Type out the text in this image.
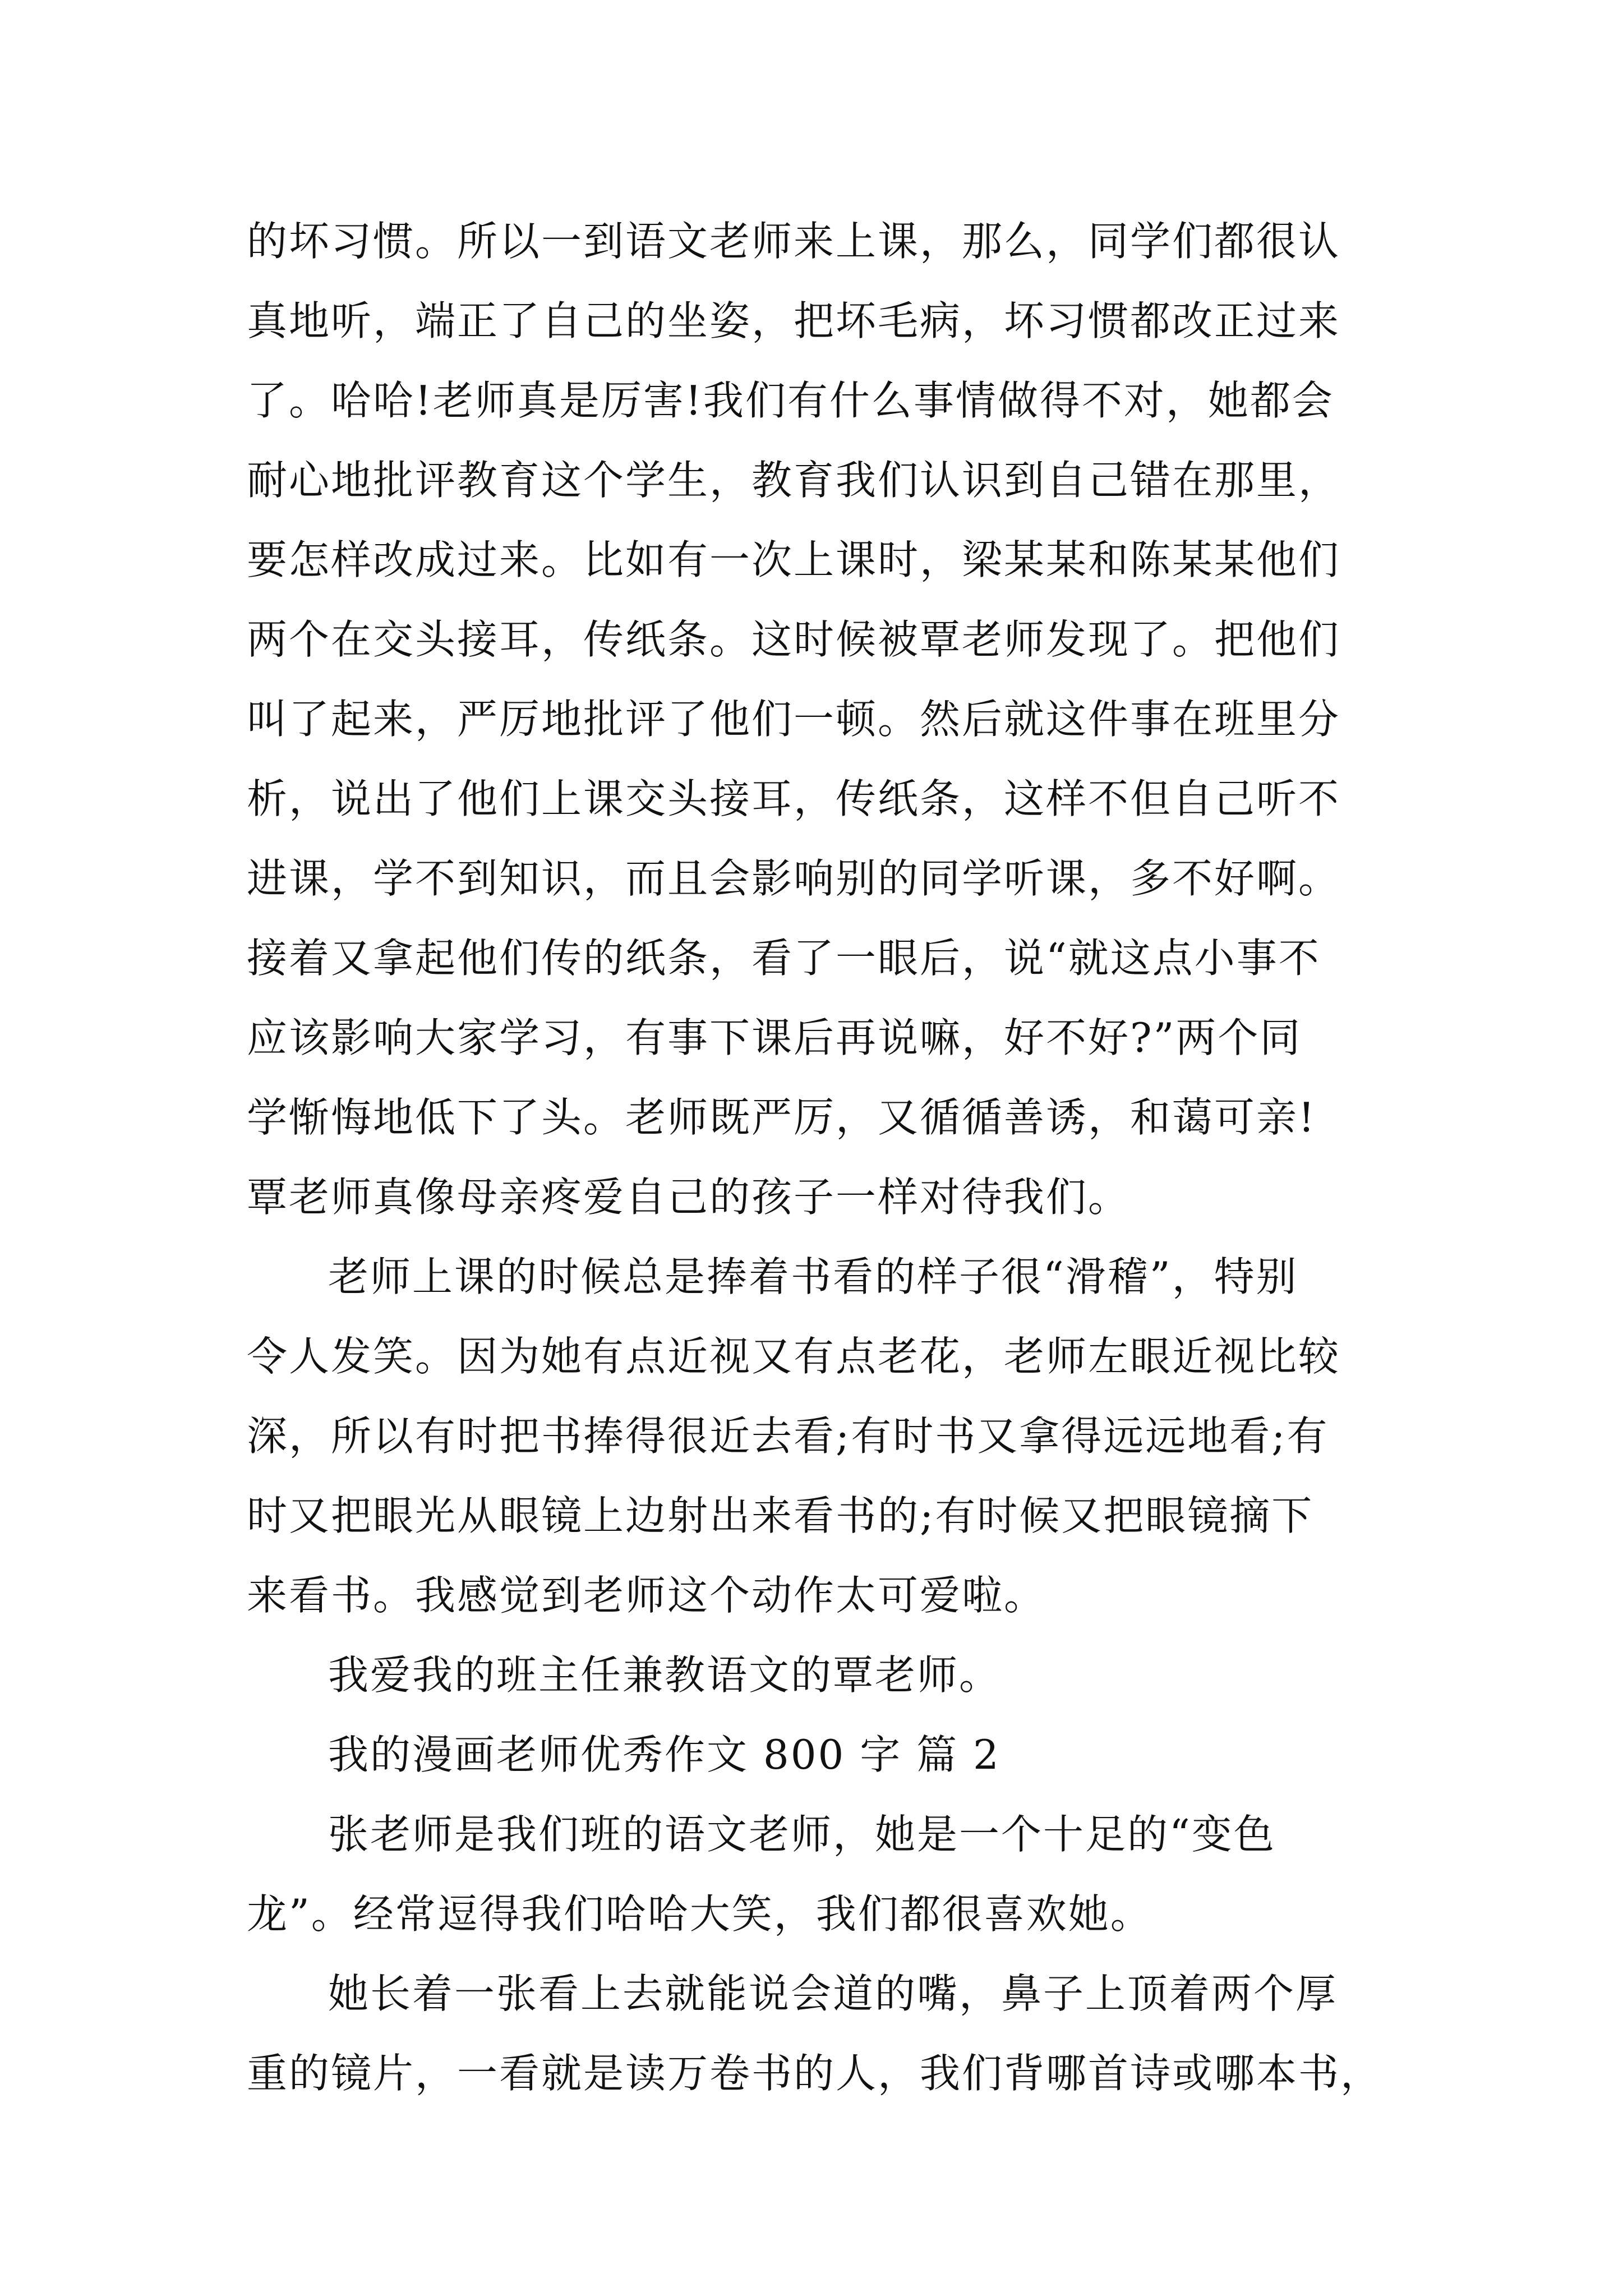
的坏习惯。所以一到语文老师来上课，那么，同学们都很认
真地听，端正了自己的坐姿，把坏毛病，坏习惯都改正过来
了。哈哈!老师真是厉害!我们有什么事情做得不对，她都会
耐心地批评教育这个学生，教育我们认识到自己错在那里，
要怎样改成过来。比如有一次上课时，梁某某和陈某某他们
两个在交头接耳，传纸条。这时候被覃老师发现了。把他们
叫了起来，严厉地批评了他们一顿。然后就这件事在班里分
析，说出了他们上课交头接耳，传纸条，这样不但自己听不
进课，学不到知识，而且会影响别的同学听课，多不好啊。
接着又拿起他们传的纸条，看了一眼后，说“就这点小事不
应该影响大家学习，有事下课后再说嘛，好不好?”两个同
学惭悔地低下了头。老师既严厉，又循循善诱，和蔼可亲!
覃老师真像母亲疼爱自己的孩子一样对待我们。
老师上课的时候总是捧着书看的样子很“滑稽”，特别
令人发笑。因为她有点近视又有点老花，老师左眼近视比较
深，所以有时把书捧得很近去看;有时书又拿得远远地看;有
时又把眼光从眼镜上边射出来看书的;有时候又把眼镜摘下
来看书。我感觉到老师这个动作太可爱啦。
我爱我的班主任兼教语文的覃老师。
我的漫画老师优秀作文 800 字 篇 2
张老师是我们班的语文老师，她是一个十足的“变色
龙”。经常逗得我们哈哈大笑，我们都很喜欢她。
她长着一张看上去就能说会道的嘴，鼻子上顶着两个厚
重的镜片，一看就是读万卷书的人，我们背哪首诗或哪本书，
